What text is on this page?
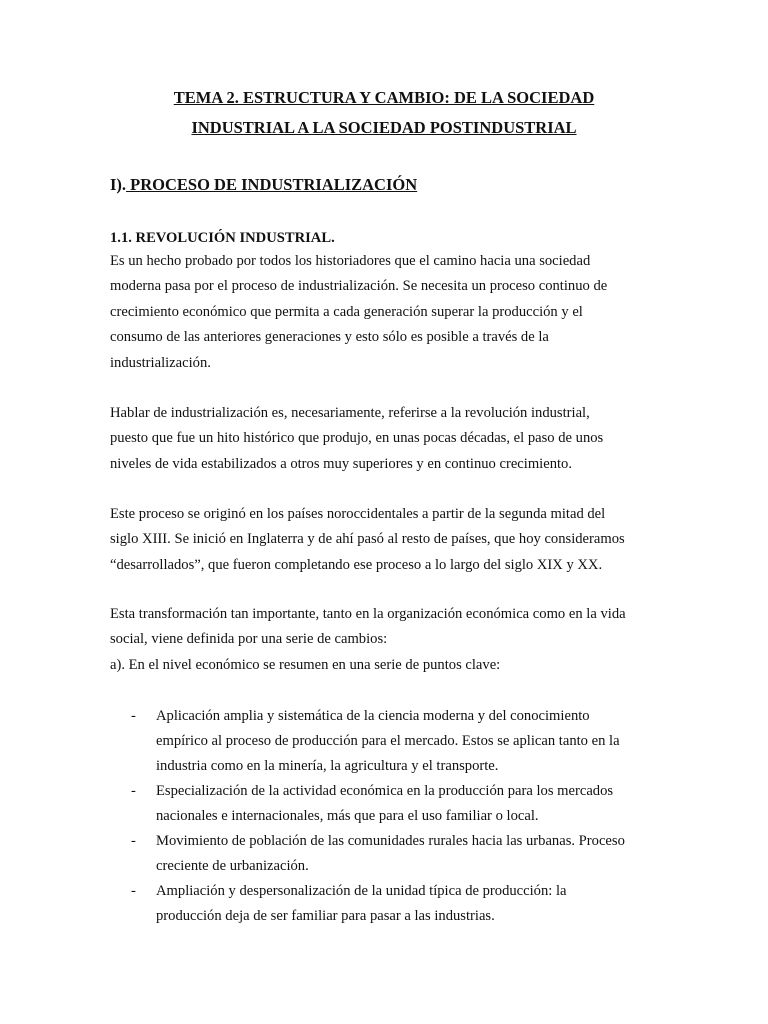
TEMA 2. ESTRUCTURA Y CAMBIO: DE LA SOCIEDAD
INDUSTRIAL A LA SOCIEDAD POSTINDUSTRIAL
I). PROCESO DE INDUSTRIALIZACIÓN
1.1. REVOLUCIÓN INDUSTRIAL.
Es un hecho probado por todos los historiadores que el camino hacia una sociedad
moderna pasa por el proceso de industrialización. Se necesita un proceso continuo de
crecimiento económico que permita a cada generación superar la producción y el
consumo de las anteriores generaciones y esto sólo es posible a través de la
industrialización.
Hablar de industrialización es, necesariamente, referirse a la revolución industrial,
puesto que fue un hito histórico que produjo, en unas pocas décadas, el paso de unos
niveles de vida estabilizados a otros muy superiores y en continuo crecimiento.
Este proceso se originó en los países noroccidentales a partir de la segunda mitad del
siglo XIII. Se inició en Inglaterra y de ahí pasó al resto de países, que hoy consideramos
“desarrollados”, que fueron completando ese proceso a lo largo del siglo XIX y XX.
Esta transformación tan importante, tanto en la organización económica como en la vida
social, viene definida por una serie de cambios:
a). En el nivel económico se resumen en una serie de puntos clave:
- Aplicación amplia y sistemática de la ciencia moderna y del conocimiento
empírico al proceso de producción para el mercado. Estos se aplican tanto en la
industria como en la minería, la agricultura y el transporte.
- Especialización de la actividad económica en la producción para los mercados
nacionales e internacionales, más que para el uso familiar o local.
- Movimiento de población de las comunidades rurales hacia las urbanas. Proceso
creciente de urbanización.
- Ampliación y despersonalización de la unidad típica de producción: la
producción deja de ser familiar para pasar a las industrias.
